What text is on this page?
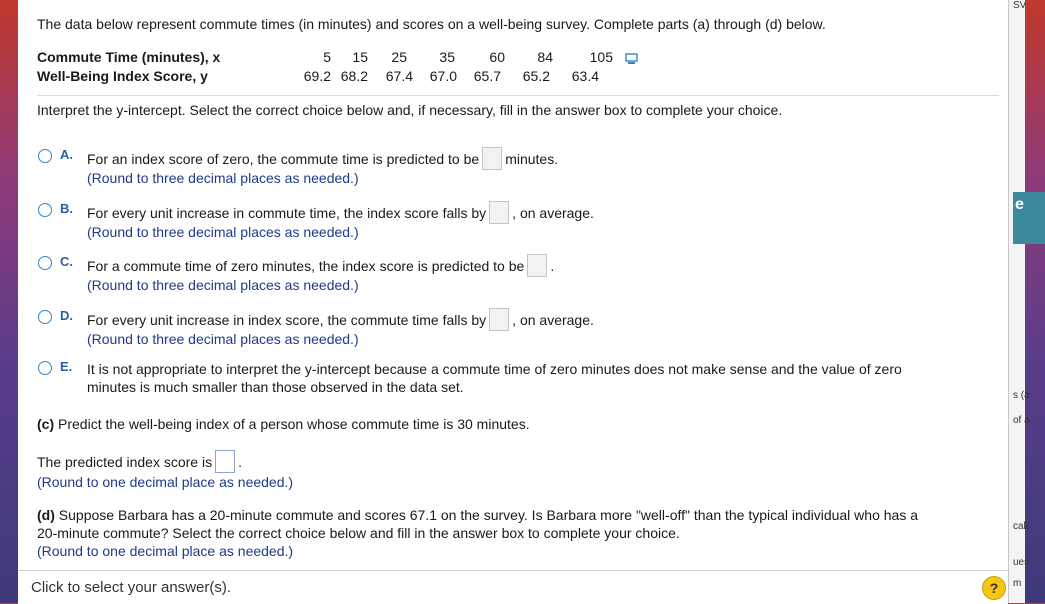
SV
e
s (a
of a
call
ues
m
The data below represent commute times (in minutes) and scores on a well-being survey. Complete parts (a) through (d) below.
Commute Time (minutes), x	5	15	25	35	60	84	105
Well-Being Index Score, y	69.2 68.2	67.4	67.0	65.7	65.2	63.4
Interpret the y-intercept. Select the correct choice below and, if necessary, fill in the answer box to complete your choice.
A. For an index score of zero, the commute time is predicted to be minutes.
(Round to three decimal places as needed.)
B. For every unit increase in commute time, the index score falls by , on average.
(Round to three decimal places as needed.)
C. For a commute time of zero minutes, the index score is predicted to be .
(Round to three decimal places as needed.)
D. For every unit increase in index score, the commute time falls by , on average.
(Round to three decimal places as needed.)
E. It is not appropriate to interpret the y-intercept because a commute time of zero minutes does not make sense and the value of zero
minutes is much smaller than those observed in the data set.
(c) Predict the well-being index of a person whose commute time is 30 minutes.
The predicted index score is .
(Round to one decimal place as needed.)
(d) Suppose Barbara has a 20-minute commute and scores 67.1 on the survey. Is Barbara more "well-off" than the typical individual who has a
20-minute commute? Select the correct choice below and fill in the answer box to complete your choice.
(Round to one decimal place as needed.)
Click to select your answer(s).	?
